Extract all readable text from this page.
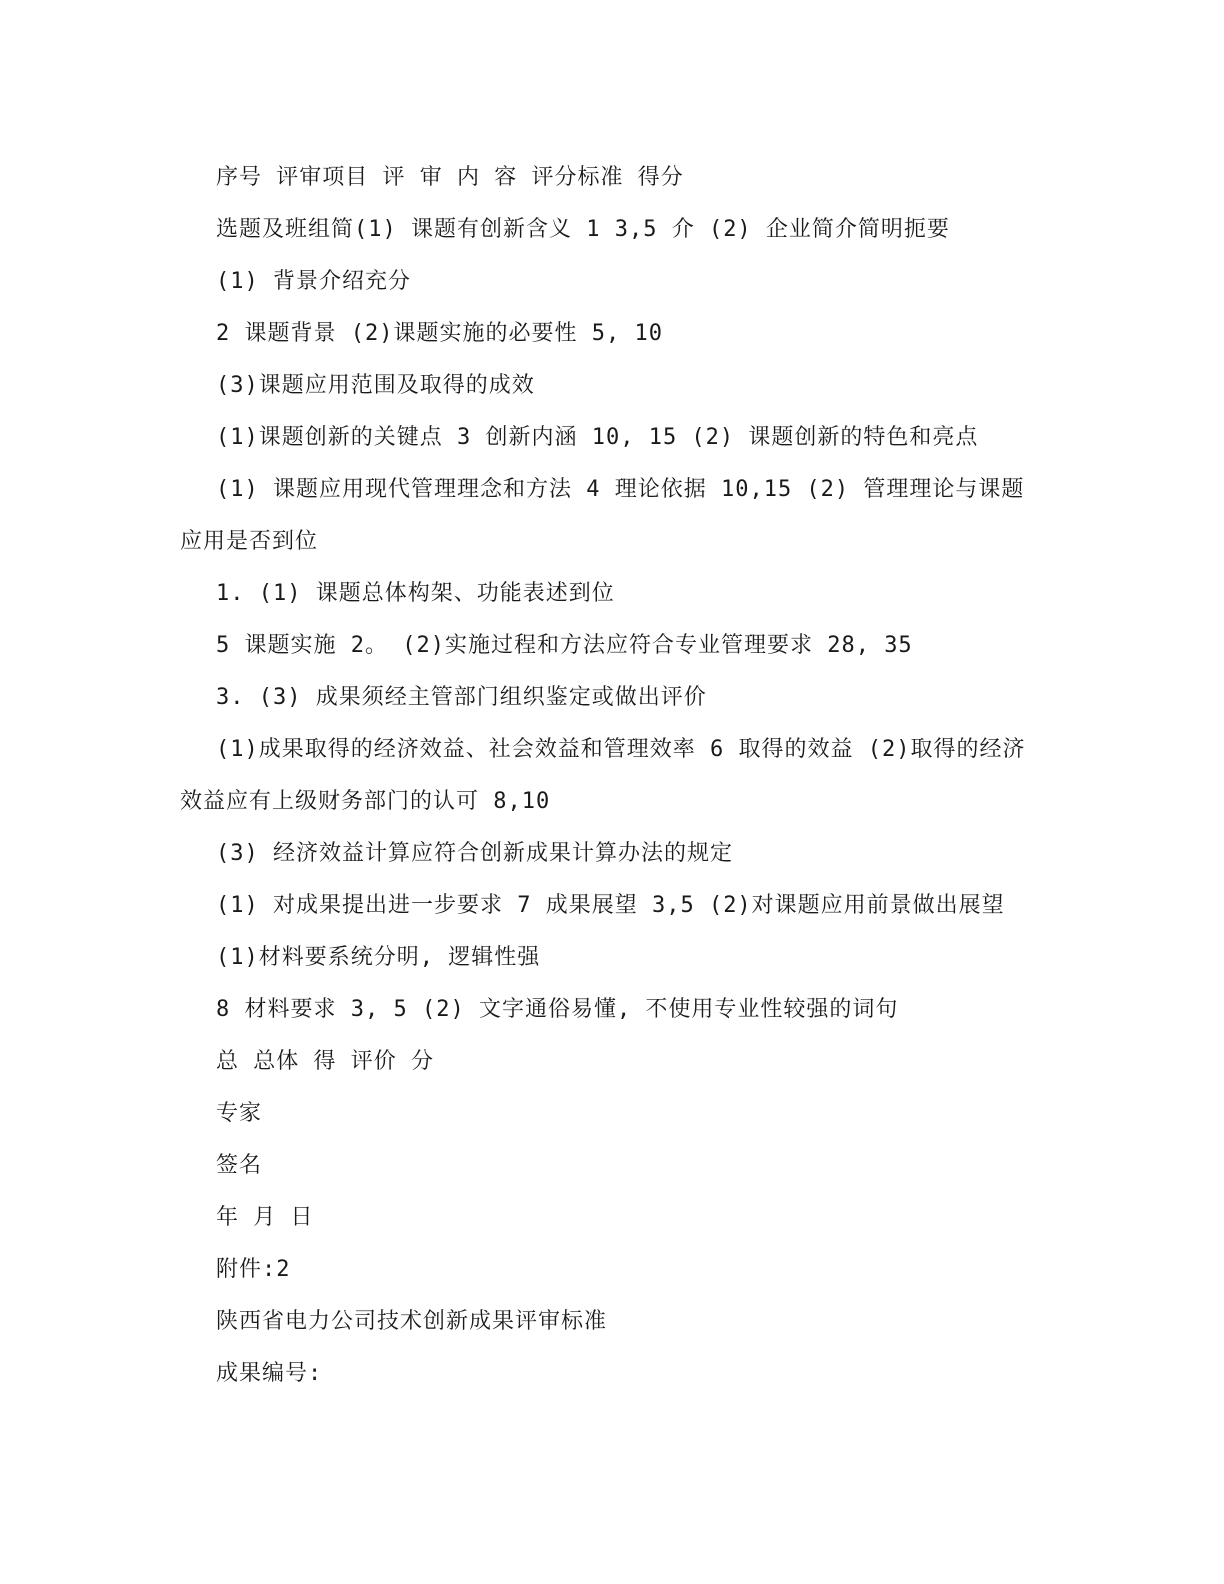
序号 评审项目 评 审 内 容 评分标准 得分
选题及班组简(1) 课题有创新含义 1 3,5 介 (2) 企业简介简明扼要
(1) 背景介绍充分
2 课题背景 (2)课题实施的必要性 5, 10
(3)课题应用范围及取得的成效
(1)课题创新的关键点 3 创新内涵 10, 15 (2) 课题创新的特色和亮点
(1) 课题应用现代管理理念和方法 4 理论依据 10,15 (2) 管理理论与课题
应用是否到位
1. (1) 课题总体构架、功能表述到位
5 课题实施 2。 (2)实施过程和方法应符合专业管理要求 28, 35
3. (3) 成果须经主管部门组织鉴定或做出评价
(1)成果取得的经济效益、社会效益和管理效率 6 取得的效益 (2)取得的经济
效益应有上级财务部门的认可 8,10
(3) 经济效益计算应符合创新成果计算办法的规定
(1) 对成果提出进一步要求 7 成果展望 3,5 (2)对课题应用前景做出展望
(1)材料要系统分明, 逻辑性强
8 材料要求 3, 5 (2) 文字通俗易懂, 不使用专业性较强的词句
总 总体 得 评价 分
专家
签名
年 月 日
附件:2
陕西省电力公司技术创新成果评审标准
成果编号:
